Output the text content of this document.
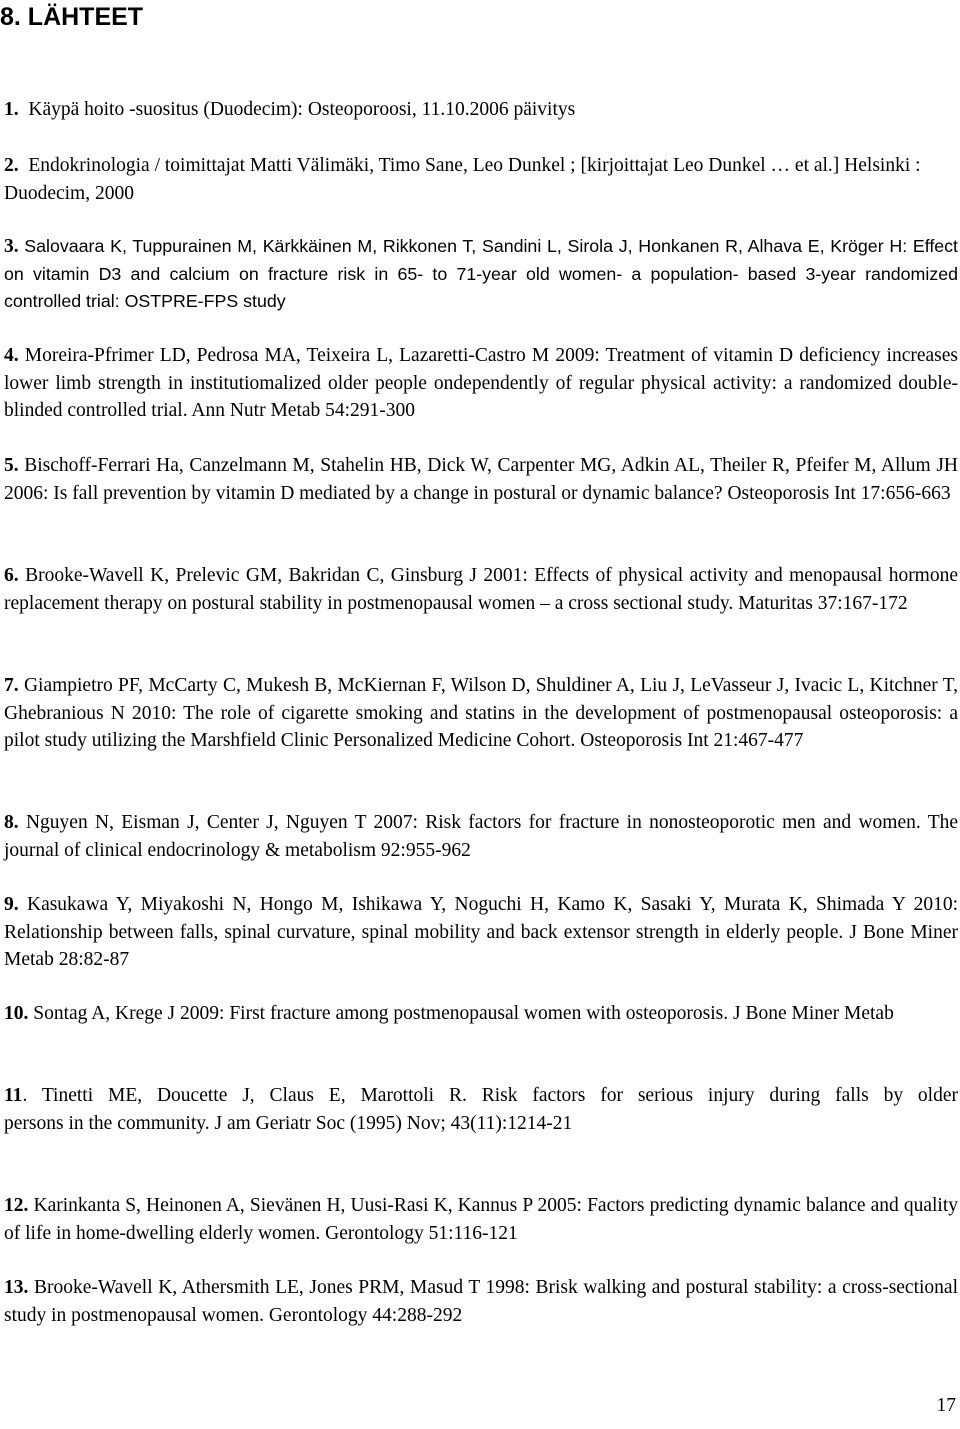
8. LÄHTEET

1. Käypä hoito -suositus (Duodecim): Osteoporoosi, 11.10.2006 päivitys

2. Endokrinologia / toimittajat Matti Välimäki, Timo Sane, Leo Dunkel ; [kirjoittajat Leo Dunkel … et al.] Helsinki : Duodecim, 2000

3. Salovaara K, Tuppurainen M, Kärkkäinen M, Rikkonen T, Sandini L, Sirola J, Honkanen R, Alhava E, Kröger H: Effect on vitamin D3 and calcium on fracture risk in 65- to 71-year old women- a population- based 3-year randomized controlled trial: OSTPRE-FPS study

4. Moreira-Pfrimer LD, Pedrosa MA, Teixeira L, Lazaretti-Castro M 2009: Treatment of vitamin D deficiency increases lower limb strength in institutiomalized older people ondependently of regular physical activity: a randomized double-blinded controlled trial. Ann Nutr Metab 54:291-300

5. Bischoff-Ferrari Ha, Canzelmann M, Stahelin HB, Dick W, Carpenter MG, Adkin AL, Theiler R, Pfeifer M, Allum JH 2006: Is fall prevention by vitamin D mediated by a change in postural or dynamic balance? Osteoporosis Int 17:656-663

6. Brooke-Wavell K, Prelevic GM, Bakridan C, Ginsburg J 2001: Effects of physical activity and menopausal hormone replacement therapy on postural stability in postmenopausal women – a cross sectional study. Maturitas 37:167-172

7. Giampietro PF, McCarty C, Mukesh B, McKiernan F, Wilson D, Shuldiner A, Liu J, LeVasseur J, Ivacic L, Kitchner T, Ghebranious N 2010: The role of cigarette smoking and statins in the development of postmenopausal osteoporosis: a pilot study utilizing the Marshfield Clinic Personalized Medicine Cohort. Osteoporosis Int 21:467-477

8. Nguyen N, Eisman J, Center J, Nguyen T 2007: Risk factors for fracture in nonosteoporotic men and women. The journal of clinical endocrinology & metabolism 92:955-962

9. Kasukawa Y, Miyakoshi N, Hongo M, Ishikawa Y, Noguchi H, Kamo K, Sasaki Y, Murata K, Shimada Y 2010: Relationship between falls, spinal curvature, spinal mobility and back extensor strength in elderly people. J Bone Miner Metab 28:82-87

10. Sontag A, Krege J 2009: First fracture among postmenopausal women with osteoporosis. J Bone Miner Metab

11. Tinetti ME, Doucette J, Claus E, Marottoli R. Risk factors for serious injury during falls by older
persons in the community. J am Geriatr Soc (1995) Nov; 43(11):1214-21

12. Karinkanta S, Heinonen A, Sievänen H, Uusi-Rasi K, Kannus P 2005: Factors predicting dynamic balance and quality of life in home-dwelling elderly women. Gerontology 51:116-121

13. Brooke-Wavell K, Athersmith LE, Jones PRM, Masud T 1998: Brisk walking and postural stability: a cross-sectional study in postmenopausal women. Gerontology 44:288-292

17
